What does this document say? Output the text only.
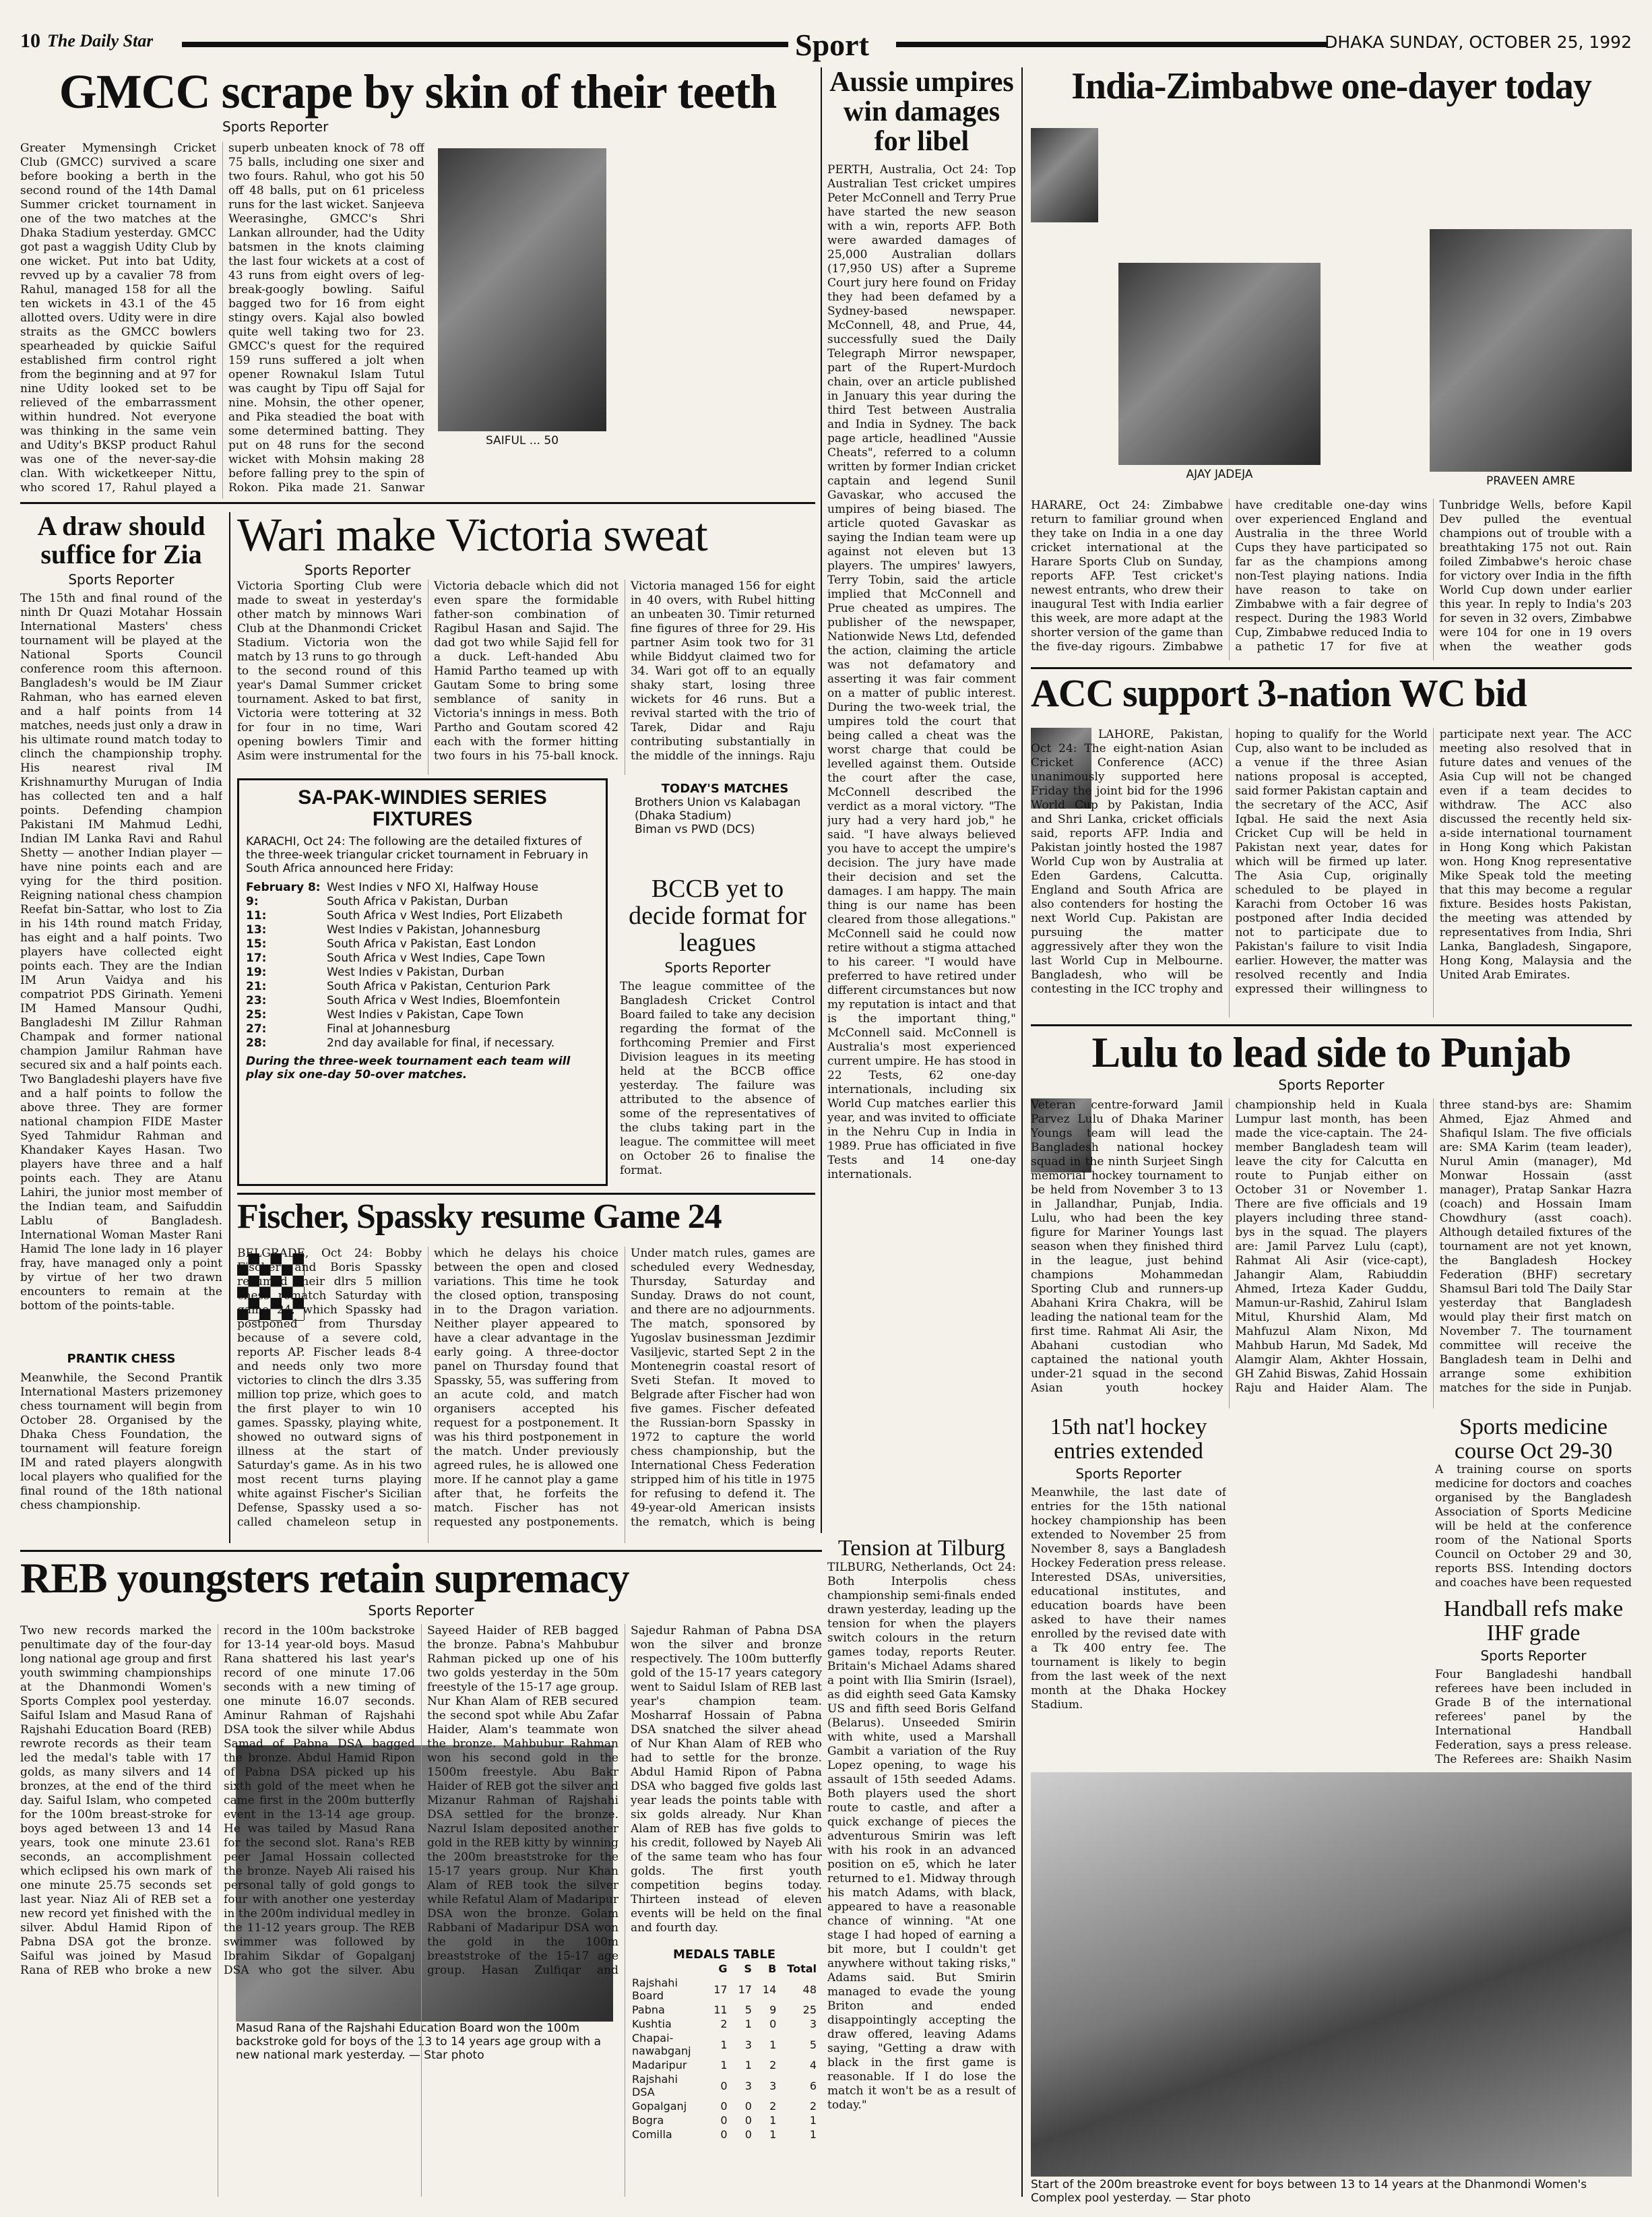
10 The Daily Star	Sport	DHAKA SUNDAY, OCTOBER 25, 1992
GMCC scrape by skin of their teeth
Sports Reporter
SAIFUL ... 50
Greater Mymensingh Cricket Club (GMCC) survived a scare before booking a berth in the second round of the 14th Damal Summer cricket tournament in one of the two matches at the Dhaka Stadium yesterday. GMCC got past a waggish Udity Club by one wicket. Put into bat Udity, revved up by a cavalier 78 from Rahul, managed 158 for all the ten wickets in 43.1 of the 45 allotted overs. Udity were in dire straits as the GMCC bowlers spearheaded by quickie Saiful established firm control right from the beginning and at 97 for nine Udity looked set to be relieved of the embarrassment within hundred. Not everyone was thinking in the same vein and Udity's BKSP product Rahul was one of the never-say-die clan. With wicketkeeper Nittu, who scored 17, Rahul played a superb unbeaten knock of 78 off 75 balls, including one sixer and two fours. Rahul, who got his 50 off 48 balls, put on 61 priceless runs for the last wicket. Sanjeeva Weerasinghe, GMCC's Shri Lankan allrounder, had the Udity batsmen in the knots claiming the last four wickets at a cost of 43 runs from eight overs of leg-break-googly bowling. Saiful bagged two for 16 from eight stingy overs. Kajal also bowled quite well taking two for 23. GMCC's quest for the required 159 runs suffered a jolt when opener Rownakul Islam Tutul was caught by Tipu off Sajal for nine. Mohsin, the other opener, and Pika steadied the boat with some determined batting. They put on 48 runs for the second wicket with Mohsin making 28 before falling prey to the spin of Rokon. Pika made 21. Sanwar
Aussie umpires win damages for libel
PERTH, Australia, Oct 24: Top Australian Test cricket umpires Peter McConnell and Terry Prue have started the new season with a win, reports AFP. Both were awarded damages of 25,000 Australian dollars (17,950 US) after a Supreme Court jury here found on Friday they had been defamed by a Sydney-based newspaper. McConnell, 48, and Prue, 44, successfully sued the Daily Telegraph Mirror newspaper, part of the Rupert-Murdoch chain, over an article published in January this year during the third Test between Australia and India in Sydney. The back page article, headlined "Aussie Cheats", referred to a column written by former Indian cricket captain and legend Sunil Gavaskar, who accused the umpires of being biased. The article quoted Gavaskar as saying the Indian team were up against not eleven but 13 players. The umpires' lawyers, Terry Tobin, said the article implied that McConnell and Prue cheated as umpires. The publisher of the newspaper, Nationwide News Ltd, defended the action, claiming the article was not defamatory and asserting it was fair comment on a matter of public interest. During the two-week trial, the umpires told the court that being called a cheat was the worst charge that could be levelled against them. Outside the court after the case, McConnell described the verdict as a moral victory. "The jury had a very hard job," he said. "I have always believed you have to accept the umpire's decision. The jury have made their decision and set the damages. I am happy. The main thing is our name has been cleared from those allegations." McConnell said he could now retire without a stigma attached to his career. "I would have preferred to have retired under different circumstances but now my reputation is intact and that is the important thing," McConnell said. McConnell is Australia's most experienced current umpire. He has stood in 22 Tests, 62 one-day internationals, including six World Cup matches earlier this year, and was invited to officiate in the Nehru Cup in India in 1989. Prue has officiated in five Tests and 14 one-day internationals.
India-Zimbabwe one-dayer today
AJAY JADEJA	PRAVEEN AMRE
HARARE, Oct 24: Zimbabwe return to familiar ground when they take on India in a one day cricket international at the Harare Sports Club on Sunday, reports AFP. Test cricket's newest entrants, who drew their inaugural Test with India earlier this week, are more adapt at the shorter version of the game than the five-day rigours. Zimbabwe have creditable one-day wins over experienced England and Australia in the three World Cups they have participated so far as the champions among non-Test playing nations. India have reason to take on Zimbabwe with a fair degree of respect. During the 1983 World Cup, Zimbabwe reduced India to a pathetic 17 for five at Tunbridge Wells, before Kapil Dev pulled the eventual champions out of trouble with a breathtaking 175 not out. Rain foiled Zimbabwe's heroic chase for victory over India in the fifth World Cup down under earlier this year. In reply to India's 203 for seven in 32 overs, Zimbabwe were 104 for one in 19 overs when the weather gods
A draw should suffice for Zia
Sports Reporter
The 15th and final round of the ninth Dr Quazi Motahar Hossain International Masters' chess tournament will be played at the National Sports Council conference room this afternoon. Bangladesh's would be IM Ziaur Rahman, who has earned eleven and a half points from 14 matches, needs just only a draw in his ultimate round match today to clinch the championship trophy. His nearest rival IM Krishnamurthy Murugan of India has collected ten and a half points. Defending champion Pakistani IM Mahmud Ledhi, Indian IM Lanka Ravi and Rahul Shetty — another Indian player — have nine points each and are vying for the third position. Reigning national chess champion Reefat bin-Sattar, who lost to Zia in his 14th round match Friday, has eight and a half points. Two players have collected eight points each. They are the Indian IM Arun Vaidya and his compatriot PDS Girinath. Yemeni IM Hamed Mansour Qudhi, Bangladeshi IM Zillur Rahman Champak and former national champion Jamilur Rahman have secured six and a half points each. Two Bangladeshi players have five and a half points to follow the above three. They are former national champion FIDE Master Syed Tahmidur Rahman and Khandaker Kayes Hasan. Two players have three and a half points each. They are Atanu Lahiri, the junior most member of the Indian team, and Saifuddin Lablu of Bangladesh. International Woman Master Rani Hamid The lone lady in 16 player fray, have managed only a point by virtue of her two drawn encounters to remain at the bottom of the points-table.
PRANTIK CHESS
Meanwhile, the Second Prantik International Masters prizemoney chess tournament will begin from October 28. Organised by the Dhaka Chess Foundation, the tournament will feature foreign IM and rated players alongwith local players who qualified for the final round of the 18th national chess championship.
Wari make Victoria sweat
Sports Reporter
Victoria Sporting Club were made to sweat in yesterday's other match by minnows Wari Club at the Dhanmondi Cricket Stadium. Victoria won the match by 13 runs to go through to the second round of this year's Damal Summer cricket tournament. Asked to bat first, Victoria were tottering at 32 for four in no time, Wari opening bowlers Timir and Asim were instrumental for the Victoria debacle which did not even spare the formidable father-son combination of Ragibul Hasan and Sajid. The dad got two while Sajid fell for a duck. Left-handed Abu Hamid Partho teamed up with Gautam Some to bring some semblance of sanity in Victoria's innings in mess. Both Partho and Goutam scored 42 each with the former hitting two fours in his 75-ball knock. Victoria managed 156 for eight in 40 overs, with Rubel hitting an unbeaten 30. Timir returned fine figures of three for 29. His partner Asim took two for 31 while Biddyut claimed two for 34. Wari got off to an equally shaky start, losing three wickets for 46 runs. But a revival started with the trio of Tarek, Didar and Raju contributing substantially in the middle of the innings. Raju
TODAY'S MATCHES
Brothers Union vs Kalabagan (Dhaka Stadium)
Biman vs PWD (DCS)
SA-PAK-WINDIES SERIES FIXTURES
KARACHI, Oct 24: The following are the detailed fixtures of the three-week triangular cricket tournament in February in South Africa announced here Friday:
February 8: West Indies v NFO XI, Halfway House
9:	South Africa v Pakistan, Durban
11:	South Africa v West Indies, Port Elizabeth
13:	West Indies v Pakistan, Johannesburg
15:	South Africa v Pakistan, East London
17:	South Africa v West Indies, Cape Town
19:	West Indies v Pakistan, Durban
21:	South Africa v Pakistan, Centurion Park
23:	South Africa v West Indies, Bloemfontein
25:	West Indies v Pakistan, Cape Town
27:	Final at Johannesburg
28:	2nd day available for final, if necessary.
During the three-week tournament each team will play six one-day 50-over matches.
BCCB yet to decide format for leagues
Sports Reporter
The league committee of the Bangladesh Cricket Control Board failed to take any decision regarding the format of the forthcoming Premier and First Division leagues in its meeting held at the BCCB office yesterday. The failure was attributed to the absence of some of the representatives of the clubs taking part in the league. The committee will meet on October 26 to finalise the format.
ACC support 3-nation WC bid
LAHORE, Pakistan, Oct 24: The eight-nation Asian Cricket Conference (ACC) unanimously supported here Friday the joint bid for the 1996 World Cup by Pakistan, India and Shri Lanka, cricket officials said, reports AFP. India and Pakistan jointly hosted the 1987 World Cup won by Australia at Eden Gardens, Calcutta. England and South Africa are also contenders for hosting the next World Cup. Pakistan are pursuing the matter aggressively after they won the last World Cup in Melbourne. Bangladesh, who will be contesting in the ICC trophy and hoping to qualify for the World Cup, also want to be included as a venue if the three Asian nations proposal is accepted, said former Pakistan captain and the secretary of the ACC, Asif Iqbal. He said the next Asia Cricket Cup will be held in Pakistan next year, dates for which will be firmed up later. The Asia Cup, originally scheduled to be played in Karachi from October 16 was postponed after India decided not to participate due to Pakistan's failure to visit India earlier. However, the matter was resolved recently and India expressed their willingness to participate next year. The ACC meeting also resolved that in future dates and venues of the Asia Cup will not be changed even if a team decides to withdraw. The ACC also discussed the recently held six-a-side international tournament in Hong Kong which Pakistan won. Hong Knog representative Mike Speak told the meeting that this may become a regular fixture. Besides hosts Pakistan, the meeting was attended by representatives from India, Shri Lanka, Bangladesh, Singapore, Hong Kong, Malaysia and the United Arab Emirates.
Lulu to lead side to Punjab
Sports Reporter
Veteran centre-forward Jamil Parvez Lulu of Dhaka Mariner Youngs team will lead the Bangladesh national hockey squad in the ninth Surjeet Singh memorial hockey tournament to be held from November 3 to 13 in Jallandhar, Punjab, India. Lulu, who had been the key figure for Mariner Youngs last season when they finished third in the league, just behind champions Mohammedan Sporting Club and runners-up Abahani Krira Chakra, will be leading the national team for the first time. Rahmat Ali Asir, the Abahani custodian who captained the national youth under-21 squad in the second Asian youth hockey championship held in Kuala Lumpur last month, has been made the vice-captain. The 24-member Bangladesh team will leave the city for Calcutta en route to Punjab either on October 31 or November 1. There are five officials and 19 players including three stand-bys in the squad. The players are: Jamil Parvez Lulu (capt), Rahmat Ali Asir (vice-capt), Jahangir Alam, Rabiuddin Ahmed, Irteza Kader Guddu, Mamun-ur-Rashid, Zahirul Islam Mitul, Khurshid Alam, Md Mahfuzul Alam Nixon, Md Mahbub Harun, Md Sadek, Md Alamgir Alam, Akhter Hossain, GH Zahid Biswas, Zahid Hossain Raju and Haider Alam. The three stand-bys are: Shamim Ahmed, Ejaz Ahmed and Shafiqul Islam. The five officials are: SMA Karim (team leader), Nurul Amin (manager), Md Monwar Hossain (asst manager), Pratap Sankar Hazra (coach) and Hossain Imam Chowdhury (asst coach). Although detailed fixtures of the tournament are not yet known, the Bangladesh Hockey Federation (BHF) secretary Shamsul Bari told The Daily Star yesterday that Bangladesh would play their first match on November 7. The tournament committee will receive the Bangladesh team in Delhi and arrange some exhibition matches for the side in Punjab.
15th nat'l hockey entries extended
Sports Reporter
Meanwhile, the last date of entries for the 15th national hockey championship has been extended to November 25 from November 8, says a Bangladesh Hockey Federation press release. Interested DSAs, universities, educational institutes, and education boards have been asked to have their names enrolled by the revised date with a Tk 400 entry fee. The tournament is likely to begin from the last week of the next month at the Dhaka Hockey Stadium.
Sports medicine course Oct 29-30
A training course on sports medicine for doctors and coaches organised by the Bangladesh Association of Sports Medicine will be held at the conference room of the National Sports Council on October 29 and 30, reports BSS. Intending doctors and coaches have been requested
Handball refs make IHF grade
Sports Reporter
Four Bangladeshi handball referees have been included in Grade B of the international referees' panel by the International Handball Federation, says a press release. The Referees are: Shaikh Nasim
Fischer, Spassky resume Game 24
BELGRADE, Oct 24: Bobby Fischer and Boris Spassky resumed their dlrs 5 million chess rematch Saturday with game 24, which Spassky had postponed from Thursday because of a severe cold, reports AP. Fischer leads 8-4 and needs only two more victories to clinch the dlrs 3.35 million top prize, which goes to the first player to win 10 games. Spassky, playing white, showed no outward signs of illness at the start of Saturday's game. As in his two most recent turns playing white against Fischer's Sicilian Defense, Spassky used a so-called chameleon setup in which he delays his choice between the open and closed variations. This time he took the closed option, transposing in to the Dragon variation. Neither player appeared to have a clear advantage in the early going. A three-doctor panel on Thursday found that Spassky, 55, was suffering from an acute cold, and match organisers accepted his request for a postponement. It was his third postponement in the match. Under previously agreed rules, he is allowed one more. If he cannot play a game after that, he forfeits the match. Fischer has not requested any postponements. Under match rules, games are scheduled every Wednesday, Thursday, Saturday and Sunday. Draws do not count, and there are no adjournments. The match, sponsored by Yugoslav businessman Jezdimir Vasiljevic, started Sept 2 in the Montenegrin coastal resort of Sveti Stefan. It moved to Belgrade after Fischer had won five games. Fischer defeated the Russian-born Spassky in 1972 to capture the world chess championship, but the International Chess Federation stripped him of his title in 1975 for refusing to defend it. The 49-year-old American insists the rematch, which is being
Tension at Tilburg
TILBURG, Netherlands, Oct 24: Both Interpolis chess championship semi-finals ended drawn yesterday, leading up the tension for when the players switch colours in the return games today, reports Reuter. Britain's Michael Adams shared a point with Ilia Smirin (Israel), as did eighth seed Gata Kamsky US and fifth seed Boris Gelfand (Belarus). Unseeded Smirin with white, used a Marshall Gambit a variation of the Ruy Lopez opening, to wage his assault of 15th seeded Adams. Both players used the short route to castle, and after a quick exchange of pieces the adventurous Smirin was left with his rook in an advanced position on e5, which he later returned to e1. Midway through his match Adams, with black, appeared to have a reasonable chance of winning. "At one stage I had hoped of earning a bit more, but I couldn't get anywhere without taking risks," Adams said. But Smirin managed to evade the young Briton and ended disappointingly accepting the draw offered, leaving Adams saying, "Getting a draw with black in the first game is reasonable. If I do lose the match it won't be as a result of today."
REB youngsters retain supremacy
Sports Reporter
Masud Rana of the Rajshahi Education Board won the 100m backstroke gold for boys of the 13 to 14 years age group with a new national mark yesterday. — Star photo
Two new records marked the penultimate day of the four-day long national age group and first youth swimming championships at the Dhanmondi Women's Sports Complex pool yesterday. Saiful Islam and Masud Rana of Rajshahi Education Board (REB) rewrote records as their team led the medal's table with 17 golds, as many silvers and 14 bronzes, at the end of the third day. Saiful Islam, who competed for the 100m breast-stroke for boys aged between 13 and 14 years, took one minute 23.61 seconds, an accomplishment which eclipsed his own mark of one minute 25.75 seconds set last year. Niaz Ali of REB set a new record yet finished with the silver. Abdul Hamid Ripon of Pabna DSA got the bronze. Saiful was joined by Masud Rana of REB who broke a new record in the 100m backstroke for 13-14 year-old boys. Masud Rana shattered his last year's record of one minute 17.06 seconds with a new timing of one minute 16.07 seconds. Aminur Rahman of Rajshahi DSA took the silver while Abdus Samad of Pabna DSA bagged the bronze. Abdul Hamid Ripon of Pabna DSA picked up his sixth gold of the meet when he came first in the 200m butterfly event in the 13-14 age group. He was tailed by Masud Rana for the second slot. Rana's REB peer Jamal Hossain collected the bronze. Nayeb Ali raised his personal tally of gold gongs to four with another one yesterday in the 200m individual medley in the 11-12 years group. The REB swimmer was followed by Ibrahim Sikdar of Gopalganj DSA who got the silver. Abu Sayeed Haider of REB bagged the bronze. Pabna's Mahbubur Rahman picked up one of his two golds yesterday in the 50m freestyle of the 15-17 age group. Nur Khan Alam of REB secured the second spot while Abu Zafar Haider, Alam's teammate won the bronze. Mahbubur Rahman won his second gold in the 1500m freestyle. Abu Bakr Haider of REB got the silver and Mizanur Rahman of Rajshahi DSA settled for the bronze. Nazrul Islam deposited another gold in the REB kitty by winning the 200m breaststroke for the 15-17 years group. Nur Khan Alam of REB took the silver while Refatul Alam of Madaripur DSA won the bronze. Golam Rabbani of Madaripur DSA won the gold in the 100m breaststroke of the 15-17 age group. Hasan Zulfiqar and Sajedur Rahman of Pabna DSA won the silver and bronze respectively. The 100m butterfly gold of the 15-17 years category went to Saidul Islam of REB last year's champion team. Mosharraf Hossain of Pabna DSA snatched the silver ahead of Nur Khan Alam of REB who had to settle for the bronze. Abdul Hamid Ripon of Pabna DSA who bagged five golds last year leads the points table with six golds already. Nur Khan Alam of REB has five golds to his credit, followed by Nayeb Ali of the same team who has four golds. The first youth competition begins today. Thirteen instead of eleven events will be held on the final and fourth day.
MEDALS TABLE
	G	S	B	Total
Rajshahi Board	17	17	14	48
Pabna	11	5	9	25
Kushtia	2	1	0	3
Chapai-nawabganj	1	3	1	5
Madaripur	1	1	2	4
Rajshahi DSA	0	3	3	6
Gopalganj	0	0	2	2
Bogra	0	0	1	1
Comilla	0	0	1	1
Start of the 200m breastroke event for boys between 13 to 14 years at the Dhanmondi Women's Complex pool yesterday. — Star photo
